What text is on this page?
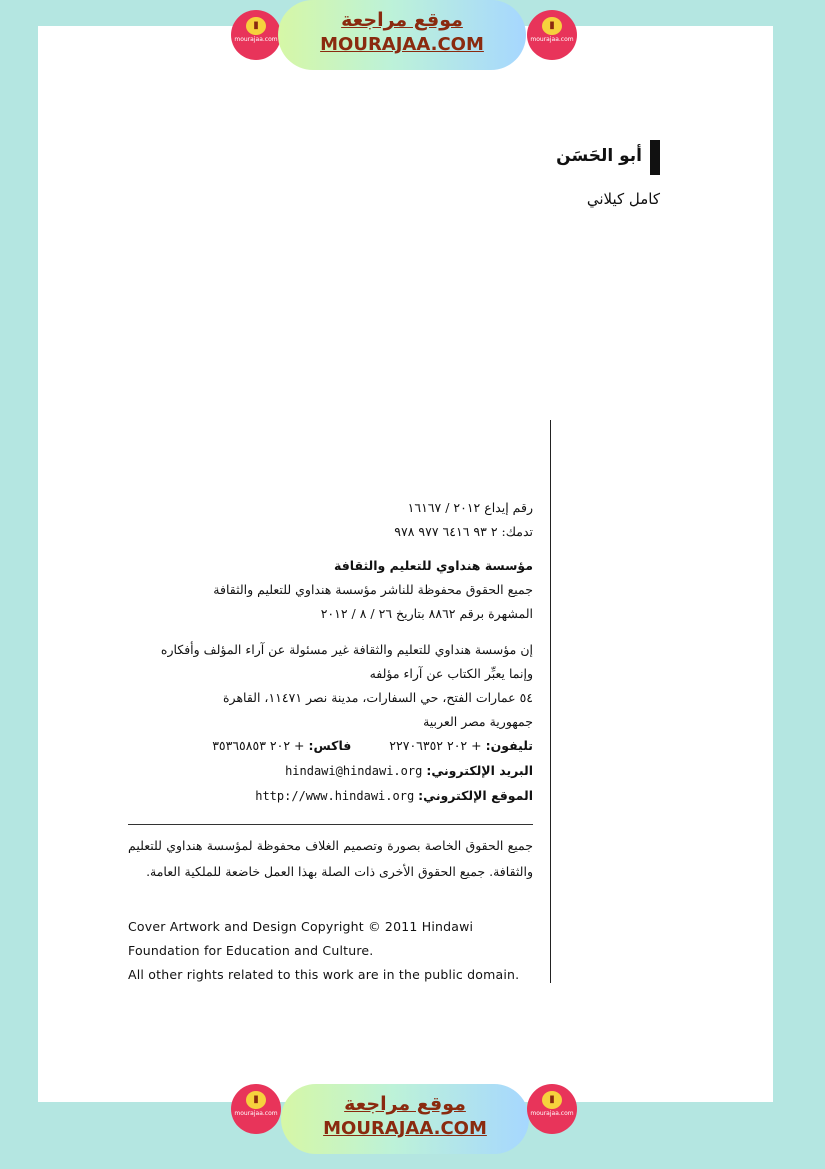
▮
mourajaa.com
موقع مراجعة
MOURAJAA.COM
▮
mourajaa.com
أبو الحَسَن
كامل كيلاني
رقم إيداع ٢٠١٢ / ١٦١٦٧
تدمك: ٢ ٩٣ ٦٤١٦ ٩٧٧ ٩٧٨
مؤسسة هنداوي للتعليم والثقافة
جميع الحقوق محفوظة للناشر مؤسسة هنداوي للتعليم والثقافة
المشهرة برقم ٨٨٦٢ بتاريخ ٢٦ / ٨ / ٢٠١٢
إن مؤسسة هنداوي للتعليم والثقافة غير مسئولة عن آراء المؤلف وأفكاره
وإنما يعبِّر الكتاب عن آراء مؤلفه
٥٤ عمارات الفتح، حي السفارات، مدينة نصر ١١٤٧١، القاهرة
جمهورية مصر العربية
تليفون: + ٢٠٢ ٢٢٧٠٦٣٥٢  فاكس: + ٢٠٢ ٣٥٣٦٥٨٥٣
البريد الإلكتروني: hindawi@hindawi.org
الموقع الإلكتروني: http://www.hindawi.org
جميع الحقوق الخاصة بصورة وتصميم الغلاف محفوظة لمؤسسة هنداوي للتعليم والثقافة. جميع الحقوق الأخرى ذات الصلة بهذا العمل خاضعة للملكية العامة.
Cover Artwork and Design Copyright © 2011 Hindawi
Foundation for Education and Culture.
All other rights related to this work are in the public domain.
▮
mourajaa.com	موقع مراجعة
MOURAJAA.COM
▮
mourajaa.com
